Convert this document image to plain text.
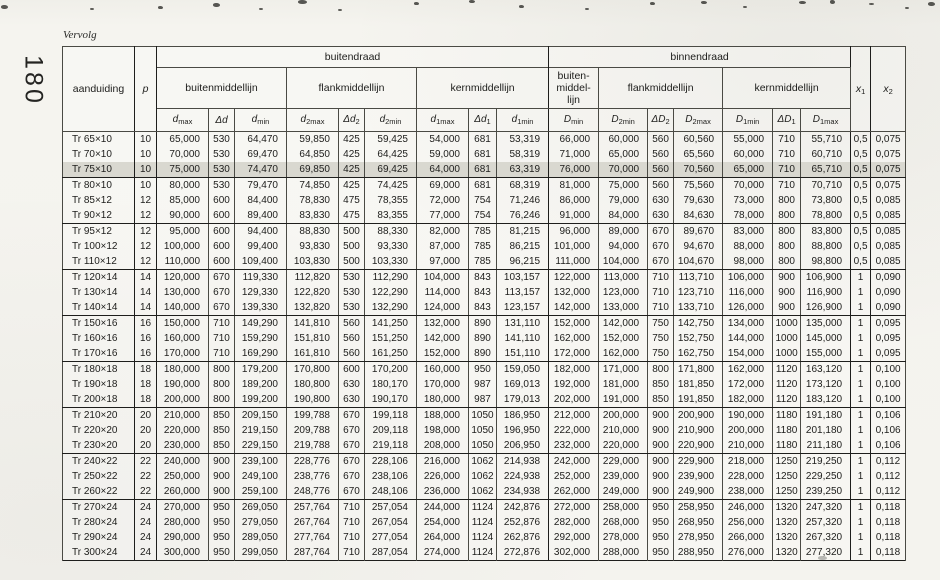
Vervolg
180 aanduiding	p	buitendraad									binnendraad							$x_1$	$x_2$
		buitenmiddellijn			flankmiddellijn			kernmiddellijn			buiten-
middel-
lijn	flankmiddellijn			kernmiddellijn				
		$d_{max}$	Δd	$d_{min}$	$d_{2max}$	$\Delta d_2$	$d_{2min}$	$d_{1max}$	$\Delta d_1$	$d_{1min}$	$D_{min}$	$D_{2min}$	$\Delta D_2$	$D_{2max}$	$D_{1min}$	$\Delta D_1$	$D_{1max}$
Tr 65×10	10	65,000	530	64,470	59,850	425	59,425	54,000	681	53,319	66,000	60,000	560	60,560	55,000	710	55,710	0,5	0,075
Tr 70×10	10	70,000	530	69,470	64,850	425	64,425	59,000	681	58,319	71,000	65,000	560	65,560	60,000	710	60,710	0,5	0,075
Tr 75×10	10	75,000	530	74,470	69,850	425	69,425	64,000	681	63,319	76,000	70,000	560	70,560	65,000	710	65,710	0,5	0,075
Tr 80×10	10	80,000	530	79,470	74,850	425	74,425	69,000	681	68,319	81,000	75,000	560	75,560	70,000	710	70,710	0,5	0,075
Tr 85×12	12	85,000	600	84,400	78,830	475	78,355	72,000	754	71,246	86,000	79,000	630	79,630	73,000	800	73,800	0,5	0,085
Tr 90×12	12	90,000	600	89,400	83,830	475	83,355	77,000	754	76,246	91,000	84,000	630	84,630	78,000	800	78,800	0,5	0,085
Tr 95×12	12	95,000	600	94,400	88,830	500	88,330	82,000	785	81,215	96,000	89,000	670	89,670	83,000	800	83,800	0,5	0,085
Tr 100×12	12	100,000	600	99,400	93,830	500	93,330	87,000	785	86,215	101,000	94,000	670	94,670	88,000	800	88,800	0,5	0,085
Tr 110×12	12	110,000	600	109,400	103,830	500	103,330	97,000	785	96,215	111,000	104,000	670	104,670	98,000	800	98,800	0,5	0,085
Tr 120×14	14	120,000	670	119,330	112,820	530	112,290	104,000	843	103,157	122,000	113,000	710	113,710	106,000	900	106,900	1	0,090
Tr 130×14	14	130,000	670	129,330	122,820	530	122,290	114,000	843	113,157	132,000	123,000	710	123,710	116,000	900	116,900	1	0,090
Tr 140×14	14	140,000	670	139,330	132,820	530	132,290	124,000	843	123,157	142,000	133,000	710	133,710	126,000	900	126,900	1	0,090
Tr 150×16	16	150,000	710	149,290	141,810	560	141,250	132,000	890	131,110	152,000	142,000	750	142,750	134,000	1000	135,000	1	0,095
Tr 160×16	16	160,000	710	159,290	151,810	560	151,250	142,000	890	141,110	162,000	152,000	750	152,750	144,000	1000	145,000	1	0,095
Tr 170×16	16	170,000	710	169,290	161,810	560	161,250	152,000	890	151,110	172,000	162,000	750	162,750	154,000	1000	155,000	1	0,095
Tr 180×18	18	180,000	800	179,200	170,800	600	170,200	160,000	950	159,050	182,000	171,000	800	171,800	162,000	1120	163,120	1	0,100
Tr 190×18	18	190,000	800	189,200	180,800	630	180,170	170,000	987	169,013	192,000	181,000	850	181,850	172,000	1120	173,120	1	0,100
Tr 200×18	18	200,000	800	199,200	190,800	630	190,170	180,000	987	179,013	202,000	191,000	850	191,850	182,000	1120	183,120	1	0,100
Tr 210×20	20	210,000	850	209,150	199,788	670	199,118	188,000	1050	186,950	212,000	200,000	900	200,900	190,000	1180	191,180	1	0,106
Tr 220×20	20	220,000	850	219,150	209,788	670	209,118	198,000	1050	196,950	222,000	210,000	900	210,900	200,000	1180	201,180	1	0,106
Tr 230×20	20	230,000	850	229,150	219,788	670	219,118	208,000	1050	206,950	232,000	220,000	900	220,900	210,000	1180	211,180	1	0,106
Tr 240×22	22	240,000	900	239,100	228,776	670	228,106	216,000	1062	214,938	242,000	229,000	900	229,900	218,000	1250	219,250	1	0,112
Tr 250×22	22	250,000	900	249,100	238,776	670	238,106	226,000	1062	224,938	252,000	239,000	900	239,900	228,000	1250	229,250	1	0,112
Tr 260×22	22	260,000	900	259,100	248,776	670	248,106	236,000	1062	234,938	262,000	249,000	900	249,900	238,000	1250	239,250	1	0,112
Tr 270×24	24	270,000	950	269,050	257,764	710	257,054	244,000	1124	242,876	272,000	258,000	950	258,950	246,000	1320	247,320	1	0,118
Tr 280×24	24	280,000	950	279,050	267,764	710	267,054	254,000	1124	252,876	282,000	268,000	950	268,950	256,000	1320	257,320	1	0,118
Tr 290×24	24	290,000	950	289,050	277,764	710	277,054	264,000	1124	262,876	292,000	278,000	950	278,950	266,000	1320	267,320	1	0,118
Tr 300×24	24	300,000	950	299,050	287,764	710	287,054	274,000	1124	272,876	302,000	288,000	950	288,950	276,000	1320	277,320	1	0,118
